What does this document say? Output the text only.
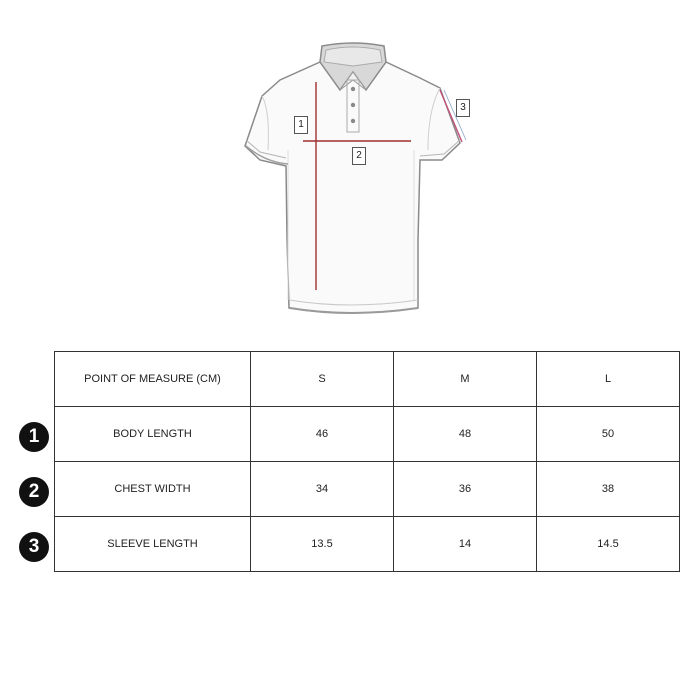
1
2
3
1
2
3
POINT OF MEASURE (CM)	S	M	L
BODY LENGTH	46	48	50
CHEST WIDTH	34	36	38
SLEEVE LENGTH	13.5	14	14.5
